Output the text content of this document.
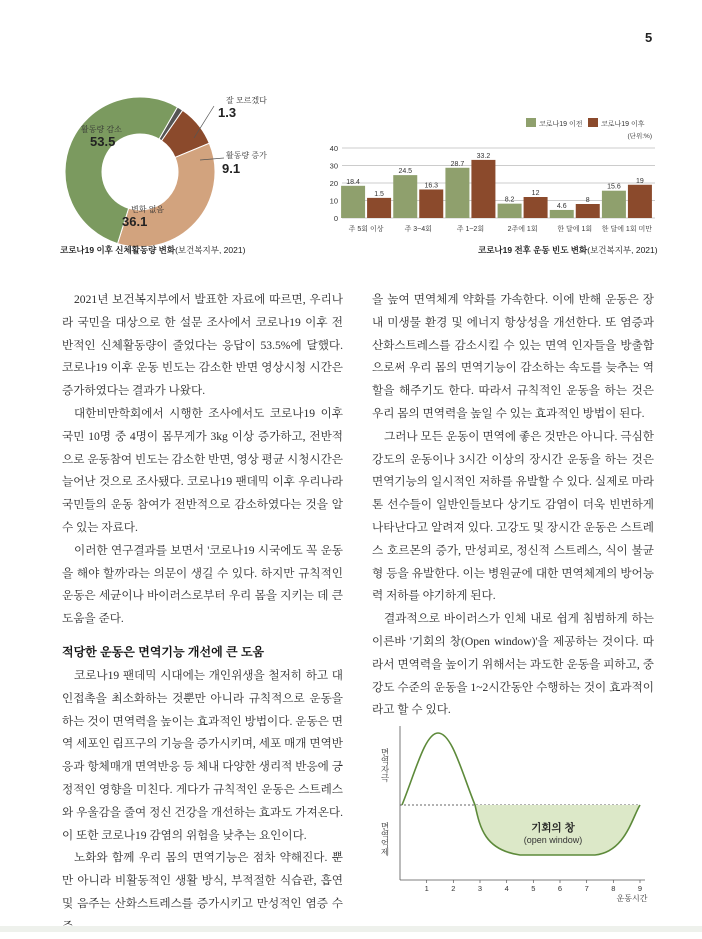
5
잘 모르겠다
1.3
활동량 감소
53.5
활동량 증가
9.1
변화 없음
36.1
코로나19 이후 신체활동량 변화(보건복지부, 2021)
0
10
20
30
40
18.4
1.5
주 5회 이상
24.5
16.3
주 3~4회
28.7
33.2
주 1~2회
8.2
12
2주에 1회
4.6
8
한 달에 1회
15.6
19
한 달에 1회 미만
코로나19 이전	코로나19 이후
(단위:%)
코로나19 전후 운동 빈도 변화(보건복지부, 2021)

2021년 보건복지부에서 발표한 자료에 따르면, 우리나라 국민을 대상으로 한 설문 조사에서 코로나19 이후 전반적인 신체활동량이 줄었다는 응답이 53.5%에 달했다. 코로나19 이후 운동 빈도는 감소한 반면 영상시청 시간은 증가하였다는 결과가 나왔다.

대한비만학회에서 시행한 조사에서도 코로나19 이후 국민 10명 중 4명이 몸무게가 3kg 이상 증가하고, 전반적으로 운동참여 빈도는 감소한 반면, 영상 평균 시청시간은 늘어난 것으로 조사됐다. 코로나19 팬데믹 이후 우리나라 국민들의 운동 참여가 전반적으로 감소하였다는 것을 알 수 있는 자료다.

이러한 연구결과를 보면서 '코로나19 시국에도 꼭 운동을 해야 할까'라는 의문이 생길 수 있다. 하지만 규칙적인 운동은 세균이나 바이러스로부터 우리 몸을 지키는 데 큰 도움을 준다.

적당한 운동은 면역기능 개선에 큰 도움

코로나19 팬데믹 시대에는 개인위생을 철저히 하고 대인접촉을 최소화하는 것뿐만 아니라 규칙적으로 운동을 하는 것이 면역력을 높이는 효과적인 방법이다. 운동은 면역 세포인 림프구의 기능을 증가시키며, 세포 매개 면역반응과 항체매개 면역반응 등 체내 다양한 생리적 반응에 긍정적인 영향을 미친다. 게다가 규칙적인 운동은 스트레스와 우울감을 줄여 정신 건강을 개선하는 효과도 가져온다. 이 또한 코로나19 감염의 위험을 낮추는 요인이다.

노화와 함께 우리 몸의 면역기능은 점차 약해진다. 뿐만 아니라 비활동적인 생활 방식, 부적절한 식습관, 흡연 및 음주는 산화스트레스를 증가시키고 만성적인 염증 수

을 높여 면역체계 약화를 가속한다. 이에 반해 운동은 장내 미생물 환경 및 에너지 항상성을 개선한다. 또 염증과 산화스트레스를 감소시킬 수 있는 면역 인자들을 방출함으로써 우리 몸의 면역기능이 감소하는 속도를 늦추는 역할을 해주기도 한다. 따라서 규칙적인 운동을 하는 것은 우리 몸의 면역력을 높일 수 있는 효과적인 방법이 된다.

그러나 모든 운동이 면역에 좋은 것만은 아니다. 극심한 강도의 운동이나 3시간 이상의 장시간 운동을 하는 것은 면역기능의 일시적인 저하를 유발할 수 있다. 실제로 마라톤 선수들이 일반인들보다 상기도 감염이 더욱 빈번하게 나타난다고 알려져 있다. 고강도 및 장시간 운동은 스트레스 호르몬의 증가, 만성피로, 정신적 스트레스, 식이 불균형 등을 유발한다. 이는 병원균에 대한 면역체계의 방어능력 저하를 야기하게 된다.

결과적으로 바이러스가 인체 내로 쉽게 침범하게 하는 이른바 '기회의 창(Open window)'을 제공하는 것이다. 따라서 면역력을 높이기 위해서는 과도한 운동을 피하고, 중강도 수준의 운동을 1~2시간동안 수행하는 것이 효과적이라고 할 수 있다.

1	2	3	4	5	6	7	8	9
면역자극
면역억제	기회의 창
(open window)
운동시간
